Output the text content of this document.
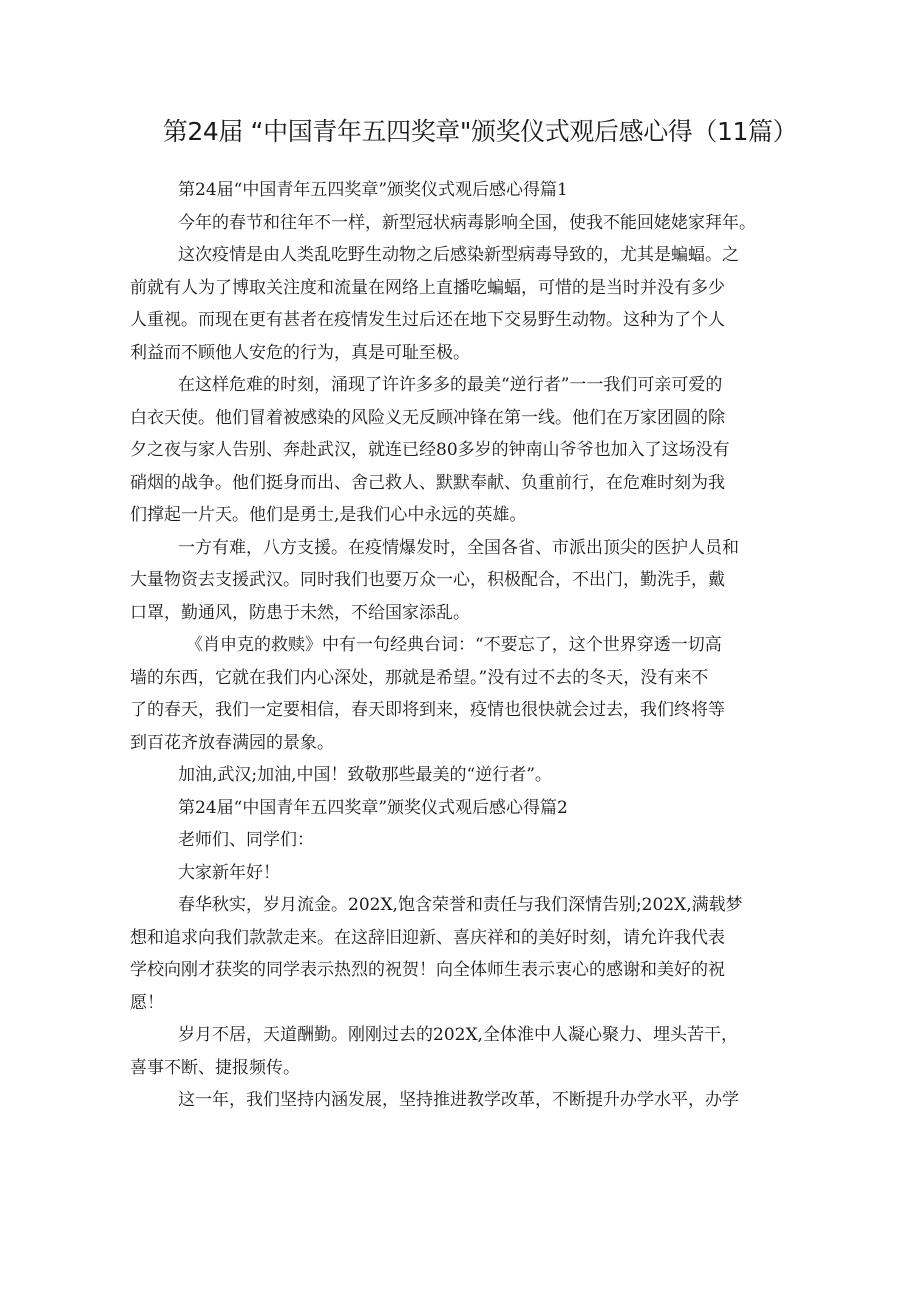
第24届 “中国青年五四奖章"颁奖仪式观后感心得（11篇）

第24届“中国青年五四奖章”颁奖仪式观后感心得篇1

今年的春节和往年不一样，新型冠状病毒影响全国，使我不能回姥姥家拜年。

这次疫情是由人类乱吃野生动物之后感染新型病毒导致的，尤其是蝙蝠。之
前就有人为了博取关注度和流量在网络上直播吃蝙蝠，可惜的是当时并没有多少
人重视。而现在更有甚者在疫情发生过后还在地下交易野生动物。这种为了个人
利益而不顾他人安危的行为，真是可耻至极。

在这样危难的时刻，涌现了许许多多的最美“逆行者”一一我们可亲可爱的
白衣天使。他们冒着被感染的风险义无反顾冲锋在第一线。他们在万家团圆的除
夕之夜与家人告别、奔赴武汉，就连已经80多岁的钟南山爷爷也加入了这场没有
硝烟的战争。他们挺身而出、舍己救人、默默奉献、负重前行，在危难时刻为我
们撑起一片天。他们是勇士,是我们心中永远的英雄。

一方有难，八方支援。在疫情爆发时，全国各省、市派出顶尖的医护人员和
大量物资去支援武汉。同时我们也要万众一心，积极配合，不出门，勤洗手，戴
口罩，勤通风，防患于未然，不给国家添乱。

《肖申克的救赎》中有一句经典台词：“不要忘了，这个世界穿透一切高
墙的东西，它就在我们内心深处，那就是希望。”没有过不去的冬天，没有来不
了的春天，我们一定要相信，春天即将到来，疫情也很快就会过去，我们终将等
到百花齐放春满园的景象。

加油,武汉;加油,中国！致敬那些最美的“逆行者”。

第24届“中国青年五四奖章”颁奖仪式观后感心得篇2

老师们、同学们：

大家新年好！

春华秋实，岁月流金。202X,饱含荣誉和责任与我们深情告别;202X,满载梦
想和追求向我们款款走来。在这辞旧迎新、喜庆祥和的美好时刻，请允许我代表
学校向刚才获奖的同学表示热烈的祝贺！向全体师生表示衷心的感谢和美好的祝
愿！

岁月不居，天道酬勤。刚刚过去的202X,全体淮中人凝心聚力、埋头苦干，
喜事不断、捷报频传。

这一年，我们坚持内涵发展，坚持推进教学改革，不断提升办学水平，办学
